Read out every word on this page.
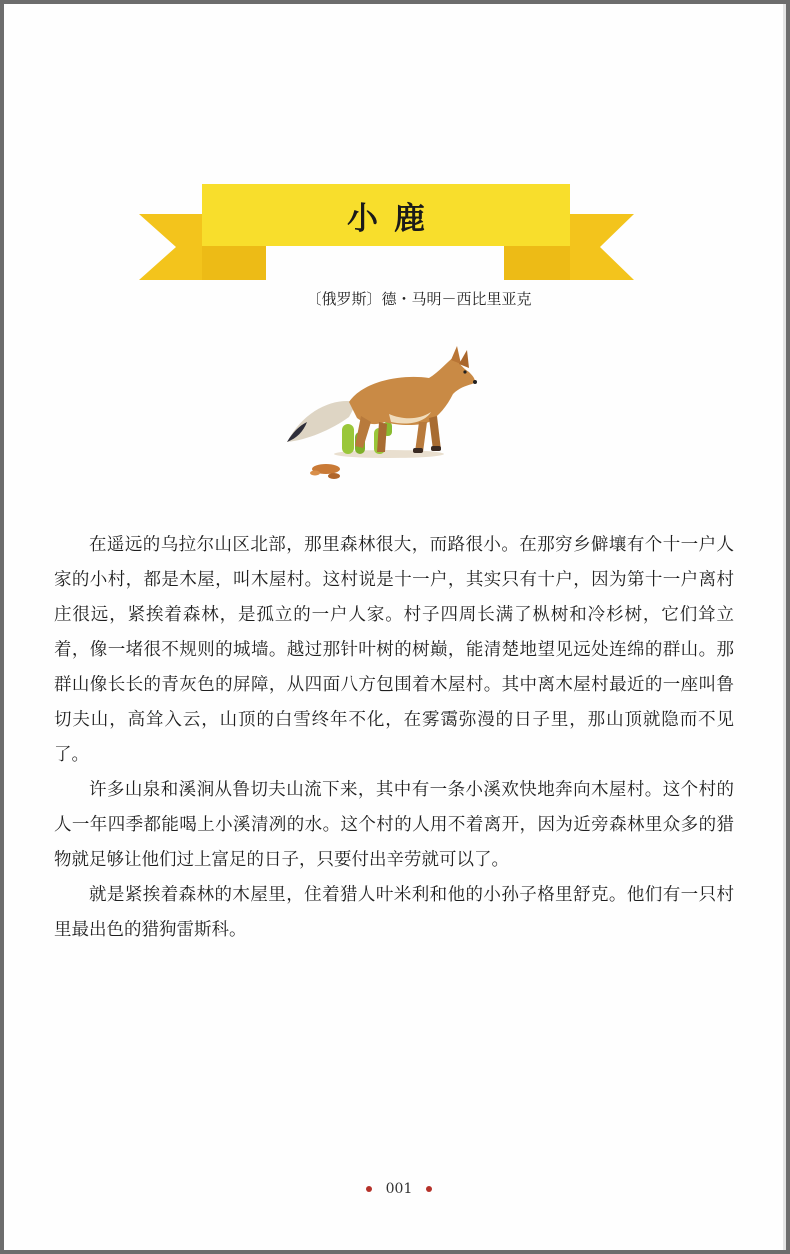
小鹿
〔俄罗斯〕德・马明－西比里亚克

在遥远的乌拉尔山区北部，那里森林很大，而路很小。在那穷乡僻壤有个十一户人家的小村，都是木屋，叫木屋村。这村说是十一户，其实只有十户，因为第十一户离村庄很远，紧挨着森林，是孤立的一户人家。村子四周长满了枞树和冷杉树，它们耸立着，像一堵很不规则的城墙。越过那针叶树的树巅，能清楚地望见远处连绵的群山。那群山像长长的青灰色的屏障，从四面八方包围着木屋村。其中离木屋村最近的一座叫鲁切夫山，高耸入云，山顶的白雪终年不化，在雾霭弥漫的日子里，那山顶就隐而不见了。

许多山泉和溪涧从鲁切夫山流下来，其中有一条小溪欢快地奔向木屋村。这个村的人一年四季都能喝上小溪清冽的水。这个村的人用不着离开，因为近旁森林里众多的猎物就足够让他们过上富足的日子，只要付出辛劳就可以了。

就是紧挨着森林的木屋里，住着猎人叶米利和他的小孙子格里舒克。他们有一只村里最出色的猎狗雷斯科。

001
